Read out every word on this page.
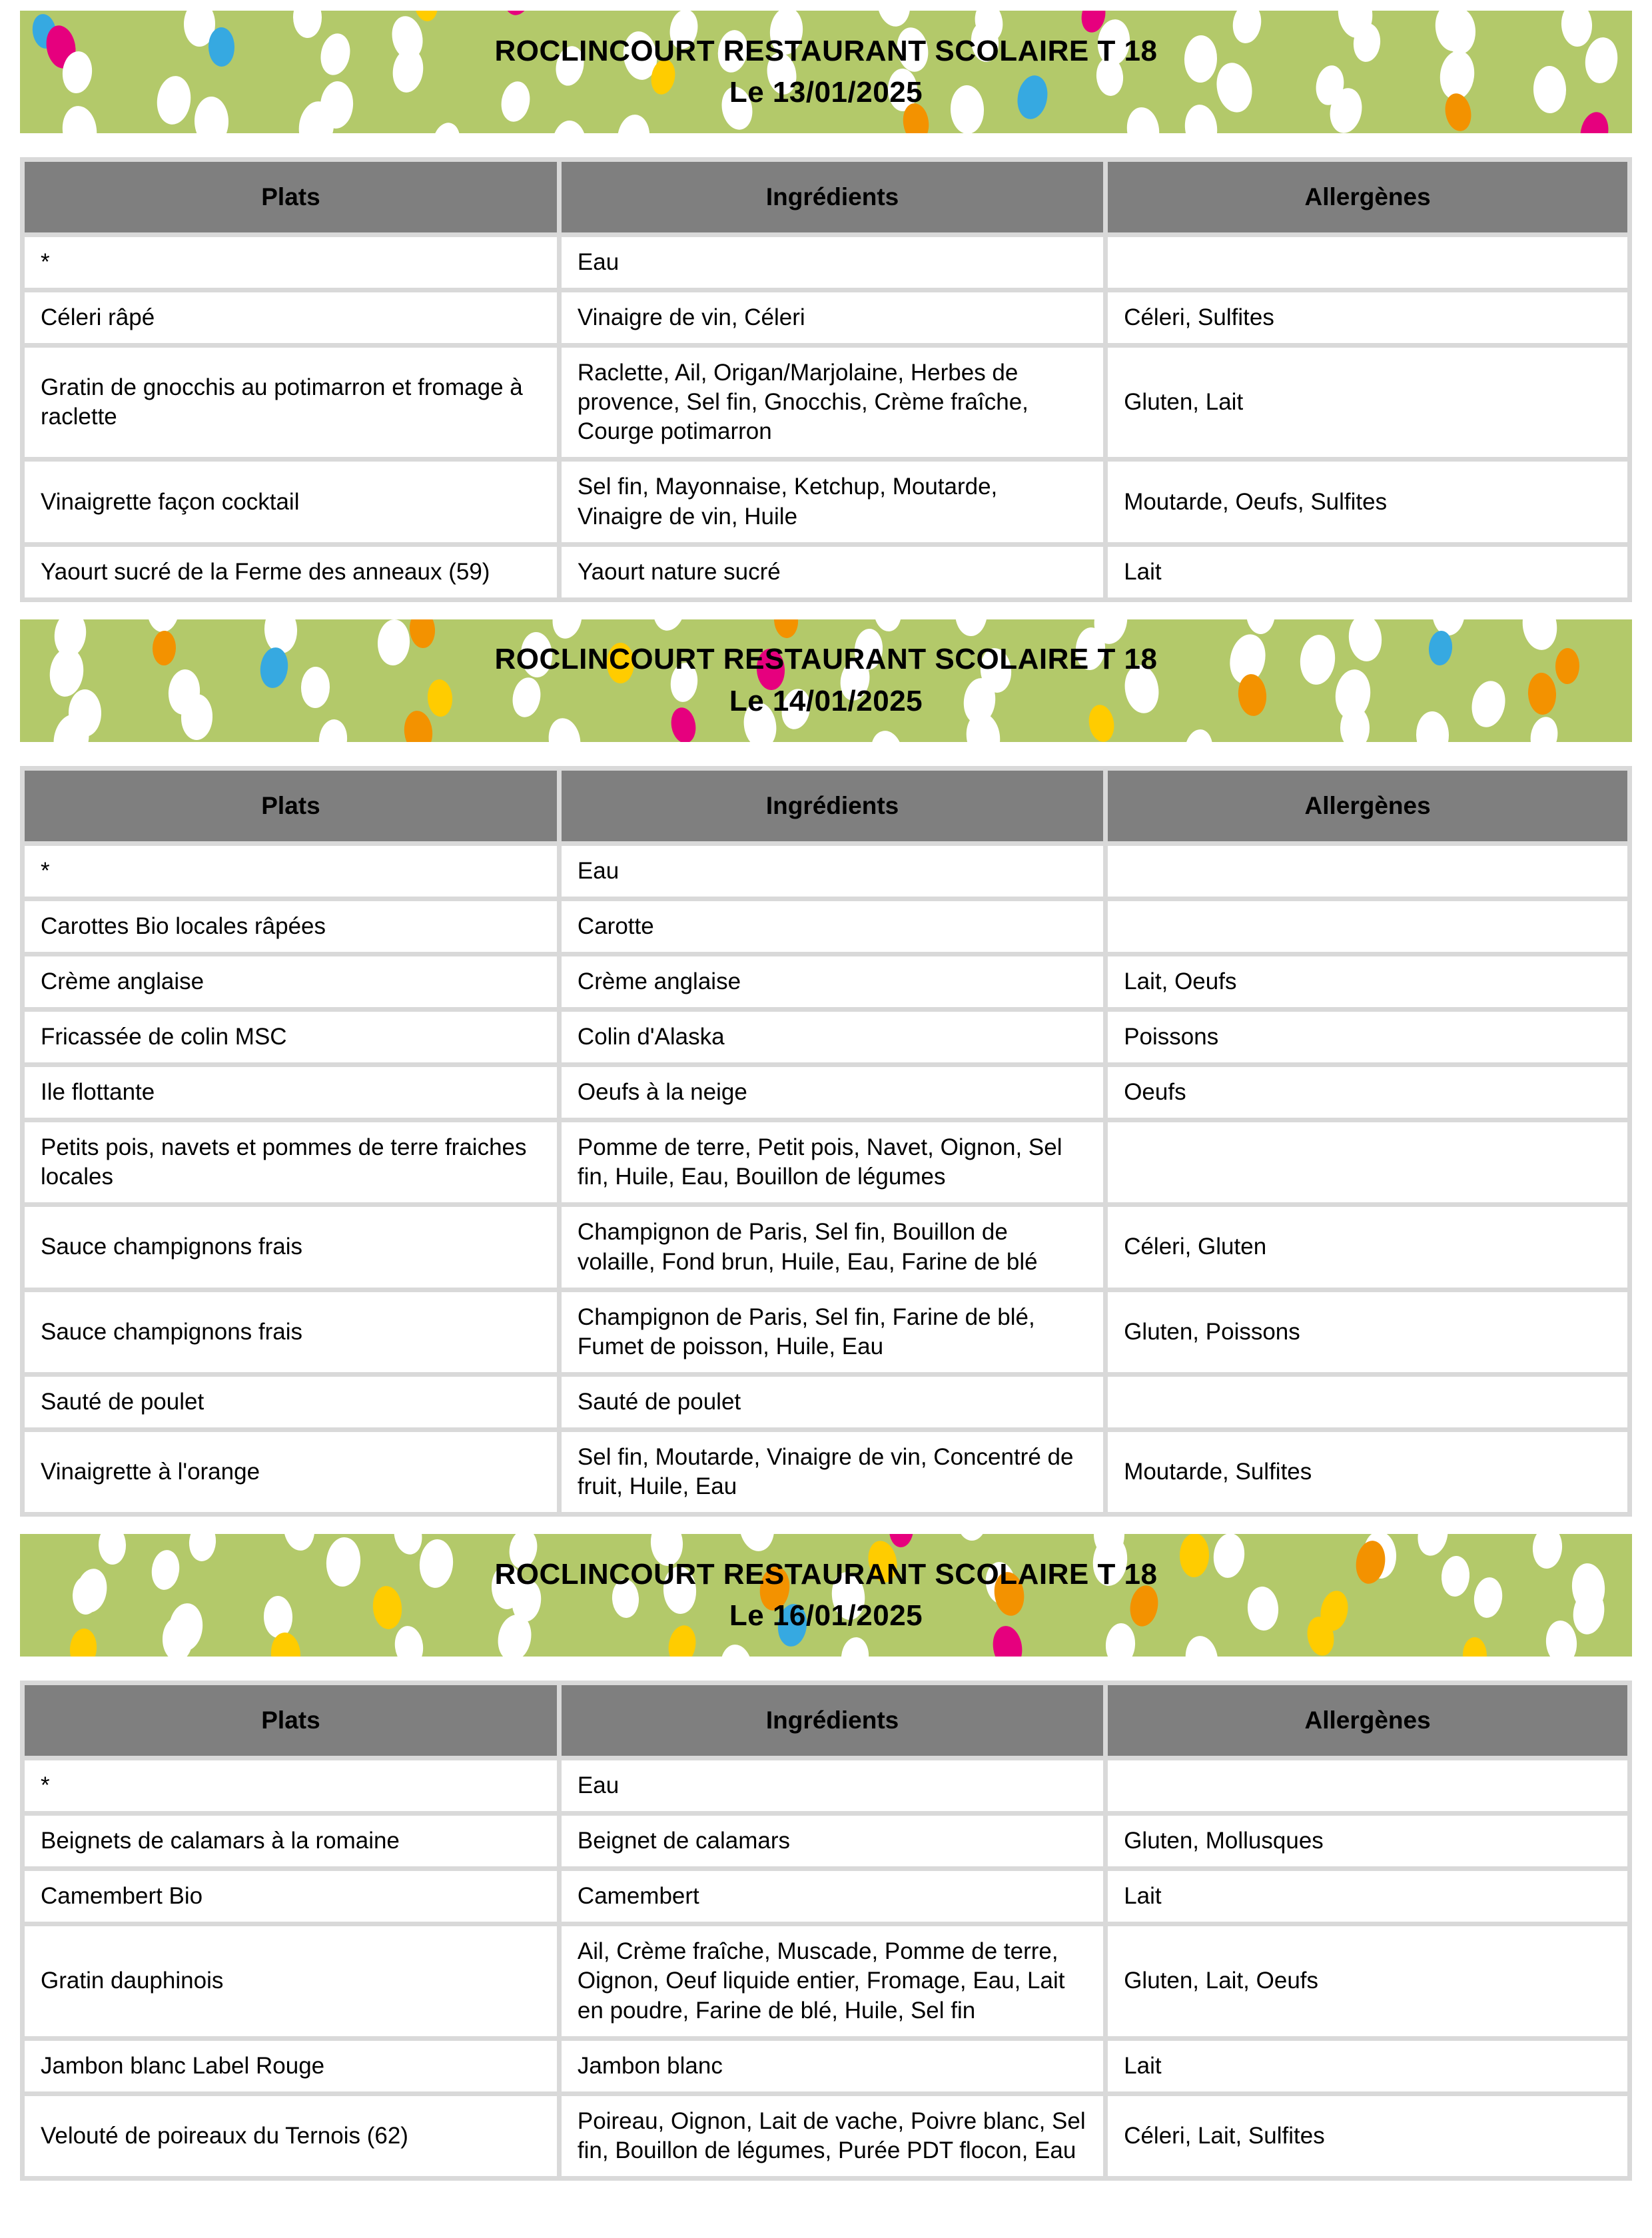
ROCLINCOURT RESTAURANT SCOLAIRE T 18
Le 13/01/2025
Plats	Ingrédients	Allergènes
*	Eau	
Céleri râpé	Vinaigre de vin, Céleri	Céleri, Sulfites
Gratin de gnocchis au potimarron et fromage à raclette	Raclette, Ail, Origan/Marjolaine, Herbes de provence, Sel fin, Gnocchis, Crème fraîche, Courge potimarron	Gluten, Lait
Vinaigrette façon cocktail	Sel fin, Mayonnaise, Ketchup, Moutarde, Vinaigre de vin, Huile	Moutarde, Oeufs, Sulfites
Yaourt sucré de la Ferme des anneaux (59)	Yaourt nature sucré	Lait
ROCLINCOURT RESTAURANT SCOLAIRE T 18
Le 14/01/2025
Plats	Ingrédients	Allergènes
*	Eau	
Carottes Bio locales râpées	Carotte	
Crème anglaise	Crème anglaise	Lait, Oeufs
Fricassée de colin MSC	Colin d'Alaska	Poissons
Ile flottante	Oeufs à la neige	Oeufs
Petits pois, navets et pommes de terre fraiches locales	Pomme de terre, Petit pois, Navet, Oignon, Sel fin, Huile, Eau, Bouillon de légumes	
Sauce champignons frais	Champignon de Paris, Sel fin, Bouillon de volaille, Fond brun, Huile, Eau, Farine de blé	Céleri, Gluten
Sauce champignons frais	Champignon de Paris, Sel fin, Farine de blé, Fumet de poisson, Huile, Eau	Gluten, Poissons
Sauté de poulet	Sauté de poulet	
Vinaigrette à l'orange	Sel fin, Moutarde, Vinaigre de vin, Concentré de fruit, Huile, Eau	Moutarde, Sulfites
ROCLINCOURT RESTAURANT SCOLAIRE T 18
Le 16/01/2025
Plats	Ingrédients	Allergènes
*	Eau	
Beignets de calamars à la romaine	Beignet de calamars	Gluten, Mollusques
Camembert Bio	Camembert	Lait
Gratin dauphinois	Ail, Crème fraîche, Muscade, Pomme de terre, Oignon, Oeuf liquide entier, Fromage, Eau, Lait en poudre, Farine de blé, Huile, Sel fin	Gluten, Lait, Oeufs
Jambon blanc Label Rouge	Jambon blanc	Lait
Velouté de poireaux du Ternois (62)	Poireau, Oignon, Lait de vache, Poivre blanc, Sel fin, Bouillon de légumes, Purée PDT flocon, Eau	Céleri, Lait, Sulfites
